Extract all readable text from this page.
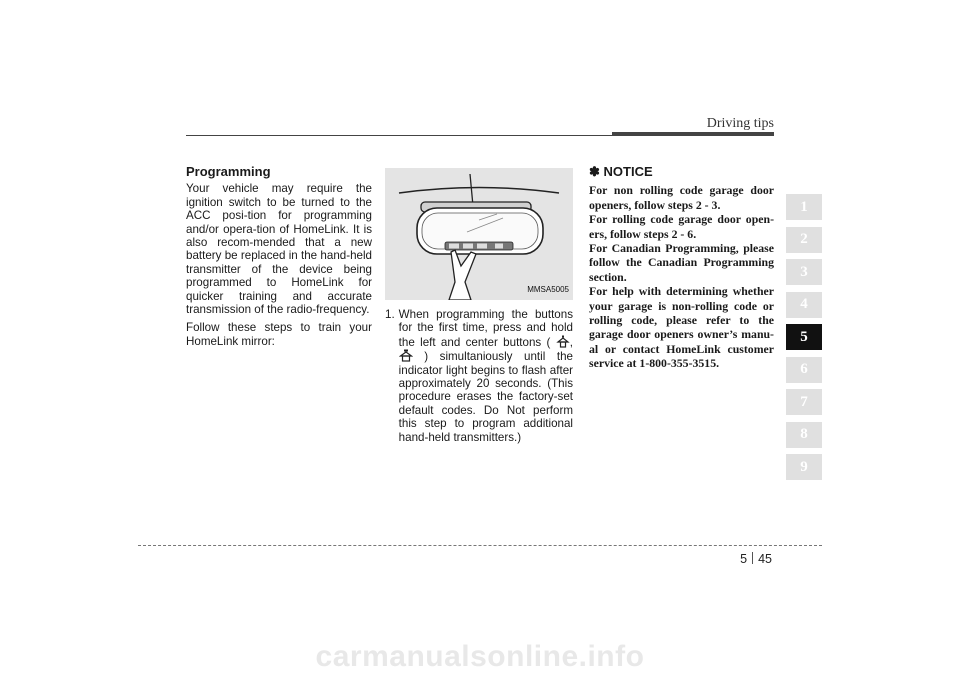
Driving tips
Programming

Your vehicle may require the ignition switch to be turned to the ACC posi-tion for programming and/or opera-tion of HomeLink. It is also recom-mended that a new battery be replaced in the hand-held transmitter of the device being programmed to HomeLink for quicker training and accurate transmission of the radio-frequency.

Follow these steps to train your HomeLink mirror:

MMSA5005
1. When programming the buttons for the first time, press and hold the left and center buttons ( ,  ) simultaniously until the indicator light begins to flash after approximately 20 seconds. (This procedure erases the factory-set default codes. Do Not perform this step to program additional hand-held transmitters.)
✽ NOTICE
For non rolling code garage door openers, follow steps 2 - 3.
For rolling code garage door open-ers, follow steps 2 - 6.
For Canadian Programming, please follow the Canadian Programming section.
For help with determining whether your garage is non-rolling code or rolling code, please refer to the garage door openers owner’s manu-al or contact HomeLink customer service at 1-800-355-3515.
1
2
3
4
5
6
7
8
9
5 45
carmanualsonline.info
